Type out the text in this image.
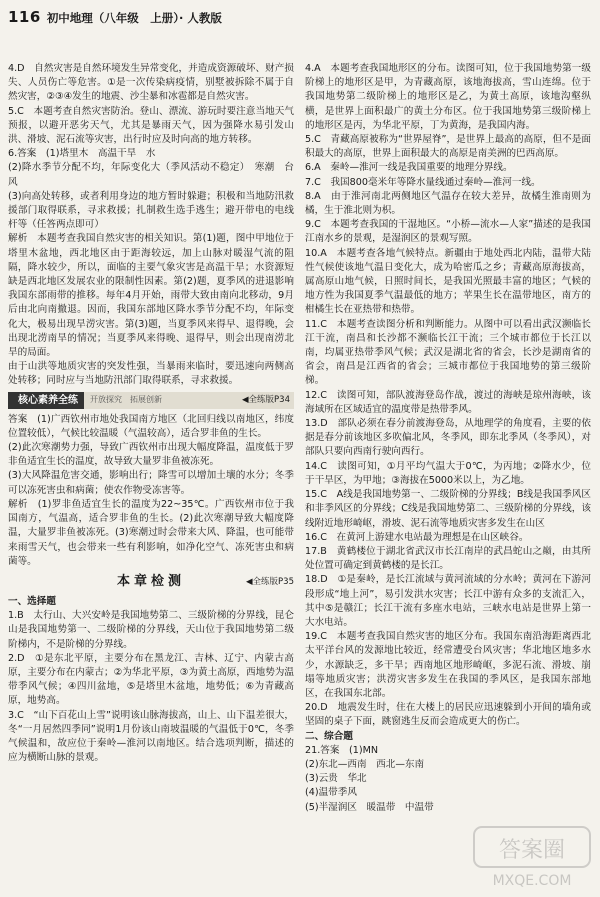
116 初中地理（八年级　上册）· 人教版

4.D　自然灾害是自然环境发生异常变化，并造成资源破坏、财产损失、人员伤亡等危害。①是一次传染病疫情，别墅被拆除不属于自然灾害，②③④发生的地震、沙尘暴和冰雹都是自然灾害。

5.C　本题考查自然灾害防治。登山、漂流、游玩时要注意当地天气预报，以避开恶劣天气，尤其是暴雨天气，因为强降水易引发山洪、滑坡、泥石流等灾害，出行时应及时向高的地方转移。

6.答案　(1)塔里木　高温干旱　水

(2)降水季节分配不均，年际变化大（季风活动不稳定）　寒潮　台风

(3)向高处转移，或者利用身边的地方暂时躲避；积极和当地防汛救援部门取得联系，寻求救援；扎制救生选手逃生；避开带电的电线杆等（任答两点即可）

解析　本题考查我国自然灾害的相关知识。第(1)题，图中甲地位于塔里木盆地，西北地区由于距海较远，加上山脉对暖湿气流的阻隔，降水较少，所以，面临的主要气象灾害是高温干旱；水资源短缺是西北地区发展农业的限制性因素。第(2)题，夏季风的进退影响我国东部雨带的推移。每年4月开始，雨带大致由南向北移动，9月后由北向南撤退。因而，我国东部地区降水季节分配不均，年际变化大，极易出现旱涝灾害。第(3)题，当夏季风来得早、退得晚，会出现北涝南旱的情况；当夏季风来得晚、退得早，则会出现南涝北旱的局面。

由于山洪等地质灾害的突发性强，当暴雨来临时，要迅速向两侧高处转移；同时应与当地防汛部门取得联系，寻求救援。

核心素养全练	开放探究　拓展创新	◀全练版P34

答案　(1)广西钦州市地处我国南方地区（北回归线以南地区，纬度位置较低），气候比较温暖（气温较高），适合罗非鱼的生长。

(2)此次寒潮势力强，导致广西钦州市出现大幅度降温，温度低于罗非鱼适宜生长的温度，故导致大量罗非鱼被冻死。

(3)大风降温危害交通，影响出行；降雪可以增加土壤的水分；冬季可以冻死害虫和病菌；使农作物受冻害等。

解析　(1)罗非鱼适宜生长的温度为22~35℃。广西钦州市位于我国南方，气温高，适合罗非鱼的生长。(2)此次寒潮导致大幅度降温，大量罗非鱼被冻死。(3)寒潮过时会带来大风、降温，也可能带来雨雪天气，也会带来一些有利影响，如净化空气、冻死害虫和病菌等。

本章检测	◀全练版P35

一、选择题

1.B　太行山、大兴安岭是我国地势第二、三级阶梯的分界线，昆仑山是我国地势第一、二级阶梯的分界线，天山位于我国地势第二级阶梯内，不是阶梯的分界线。

2.D　①是东北平原，主要分布在黑龙江、吉林、辽宁、内蒙古高原，主要分布在内蒙古；②为华北平原，③为黄土高原，西地势为温带季风气候；④四川盆地，⑤是塔里木盆地，地势低；⑥为青藏高原，地势高。

3.C　“山下百花山上雪”说明该山脉海拔高，山上、山下温差很大，冬“一月居然四季同”说明1月份该山南坡温暖的气温低于0℃，冬季气候温和，故应位于秦岭—淮河以南地区。结合选项判断，描述的应为横断山脉的景观。

4.A　本题考查我国地形区的分布。读图可知，位于我国地势第一级阶梯上的地形区是甲，为青藏高原，该地海拔高，雪山连绵。位于我国地势第二级阶梯上的地形区是乙，为黄土高原，该地沟壑纵横，是世界上面积最广的黄土分布区。位于我国地势第三级阶梯上的地形区是丙，为华北平原，丁为黄海，是我国内海。

5.C　青藏高原被称为“世界屋脊”，是世界上最高的高原，但不是面积最大的高原，世界上面积最大的高原是南美洲的巴西高原。

6.A　秦岭—淮河一线是我国重要的地理分界线。

7.C　我国800毫米年等降水量线通过秦岭—淮河一线。

8.A　由于淮河南北两侧地区气温存在较大差异，故橘生淮南则为橘，生于淮北则为枳。

9.C　本题考查我国的干湿地区。“小桥—流水—人家”描述的是我国江南水乡的景观，是湿润区的景观写照。

10.A　本题考查各地气候特点。新疆由于地处西北内陆，温带大陆性气候使该地气温日变化大，成为哈密瓜之乡；青藏高原海拔高，属高原山地气候，日照时间长，是我国光照最丰富的地区；气候的地方性为我国夏季气温最低的地方；苹果生长在温带地区，南方的柑橘生长在亚热带和热带。

11.C　本题考查读图分析和判断能力。从图中可以看出武汉濒临长江干流，南昌和长沙都不濒临长江干流；三个城市都位于长江以南，均属亚热带季风气候；武汉是湖北省的省会，长沙是湖南省的省会，南昌是江西省的省会；三城市都位于我国地势的第三级阶梯。

12.C　读图可知，部队渡海登岛作战，渡过的海峡是琼州海峡，该海域所在区域适宜的温度带是热带季风。

13.D　部队必须在春分前渡海登岛，从地理学的角度看，主要的依据是春分前该地区多吹偏北风，冬季风，即东北季风（冬季风），对部队只要向西南行驶向西行。

14.C　读图可知，①月平均气温大于0℃，为丙地；②降水少，位于干旱区，为甲地；③海拔在5000米以上，为乙地。

15.C　A线是我国地势第一、二级阶梯的分界线；B线是我国季风区和非季风区的分界线；C线是我国地势第二、三级阶梯的分界线，该线附近地形崎岖，滑坡、泥石流等地质灾害多发生在山区

16.C　在黄河上游建水电站最为理想是在山区峡谷。

17.B　黄鹤楼位于湖北省武汉市长江南岸的武昌蛇山之巅，由其所处位置可确定到黄鹤楼的是长江。

18.D　①是秦岭，是长江流域与黄河流域的分水岭；黄河在下游河段形成“地上河”，易引发洪水灾害；长江中游有众多的支流汇入，其中⑤是赣江；长江干流有多座水电站，三峡水电站是世界上第一大水电站。

19.C　本题考查我国自然灾害的地区分布。我国东南沿海距离西北太平洋台风的发源地比较近，经常遭受台风灾害；华北地区地多水少，水源缺乏，多干旱；西南地区地形崎岖，多泥石流、滑坡、崩塌等地质灾害；洪涝灾害多发生在我国的季风区，是我国东部地区，在我国东北部。

20.D　地震发生时，住在大楼上的居民应迅速躲到小开间的墙角或坚固的桌子下面，跳窗逃生反而会造成更大的伤亡。

二、综合题

21.答案　(1)MN

(2)东北—西南　西北—东南

(3)云贵　华北

(4)温带季风

(5)半湿润区　暖温带　中温带

答案圈
MXQE.COM
